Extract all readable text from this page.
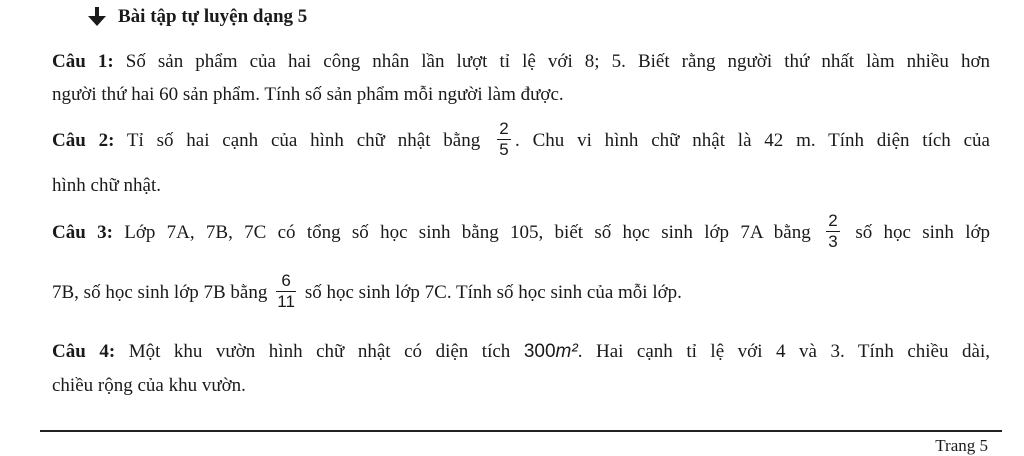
Bài tập tự luyện dạng 5
Câu 1: Số sản phẩm của hai công nhân lần lượt tỉ lệ với 8; 5. Biết rằng người thứ nhất làm nhiều hơn
người thứ hai 60 sản phẩm. Tính số sản phẩm mỗi người làm được.
Câu 2: Tỉ số hai cạnh của hình chữ nhật bằng $\frac{2}{5}$ . Chu vi hình chữ nhật là 42 m. Tính diện tích của
hình chữ nhật.
Câu 3: Lớp 7A, 7B, 7C có tổng số học sinh bằng 105, biết số học sinh lớp 7A bằng $\frac{2}{3}$ số học sinh lớp
7B, số học sinh lớp 7B bằng $\frac{6}{11}$ số học sinh lớp 7C. Tính số học sinh của mỗi lớp.
Câu 4: Một khu vườn hình chữ nhật có diện tích 300m². Hai cạnh tỉ lệ với 4 và 3. Tính chiều dài,
chiều rộng của khu vườn.
Trang 5
